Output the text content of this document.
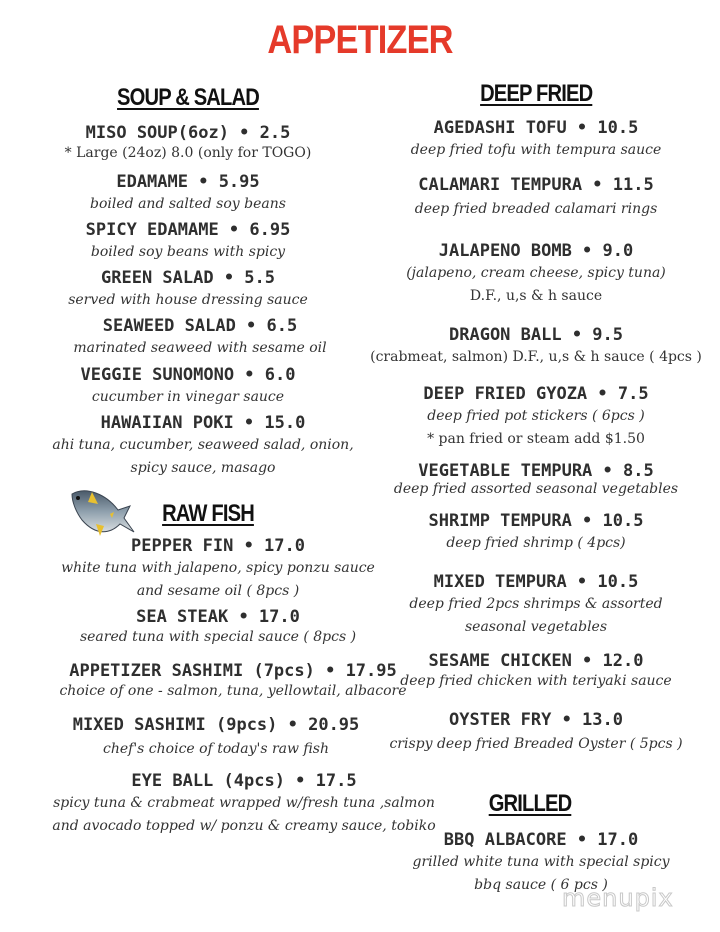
APPETIZER
SOUP & SALAD
MISO SOUP(6oz) • 2.5
* Large (24oz) 8.0 (only for TOGO)
EDAMAME • 5.95
boiled and salted soy beans
SPICY EDAMAME • 6.95
boiled soy beans with spicy
GREEN SALAD • 5.5
served with house dressing sauce
SEAWEED SALAD • 6.5
marinated seaweed with sesame oil
VEGGIE SUNOMONO • 6.0
cucumber in vinegar sauce
HAWAIIAN POKI • 15.0
ahi tuna, cucumber, seaweed salad, onion,
spicy sauce, masago
RAW FISH
PEPPER FIN • 17.0
white tuna with jalapeno, spicy ponzu sauce
and sesame oil ( 8pcs )
SEA STEAK • 17.0
seared tuna with special sauce ( 8pcs )
APPETIZER SASHIMI (7pcs) • 17.95
choice of one - salmon, tuna, yellowtail, albacore
MIXED SASHIMI (9pcs) • 20.95
chef's choice of today's raw fish
EYE BALL (4pcs) • 17.5
spicy tuna & crabmeat wrapped w/fresh tuna ,salmon
and avocado topped w/ ponzu & creamy sauce, tobiko
DEEP FRIED
AGEDASHI TOFU • 10.5
deep fried tofu with tempura sauce
CALAMARI TEMPURA • 11.5
deep fried breaded calamari rings
JALAPENO BOMB • 9.0
(jalapeno, cream cheese, spicy tuna)
D.F., u,s & h sauce
DRAGON BALL • 9.5
(crabmeat, salmon) D.F., u,s & h sauce ( 4pcs )
DEEP FRIED GYOZA • 7.5
deep fried pot stickers ( 6pcs )
* pan fried or steam add $1.50
VEGETABLE TEMPURA • 8.5
deep fried assorted seasonal vegetables
SHRIMP TEMPURA • 10.5
deep fried shrimp ( 4pcs)
MIXED TEMPURA • 10.5
deep fried 2pcs shrimps & assorted
seasonal vegetables
SESAME CHICKEN • 12.0
deep fried chicken with teriyaki sauce
OYSTER FRY • 13.0
crispy deep fried Breaded Oyster ( 5pcs )
GRILLED
BBQ ALBACORE • 17.0
grilled white tuna with special spicy
bbq sauce ( 6 pcs )
menupix
